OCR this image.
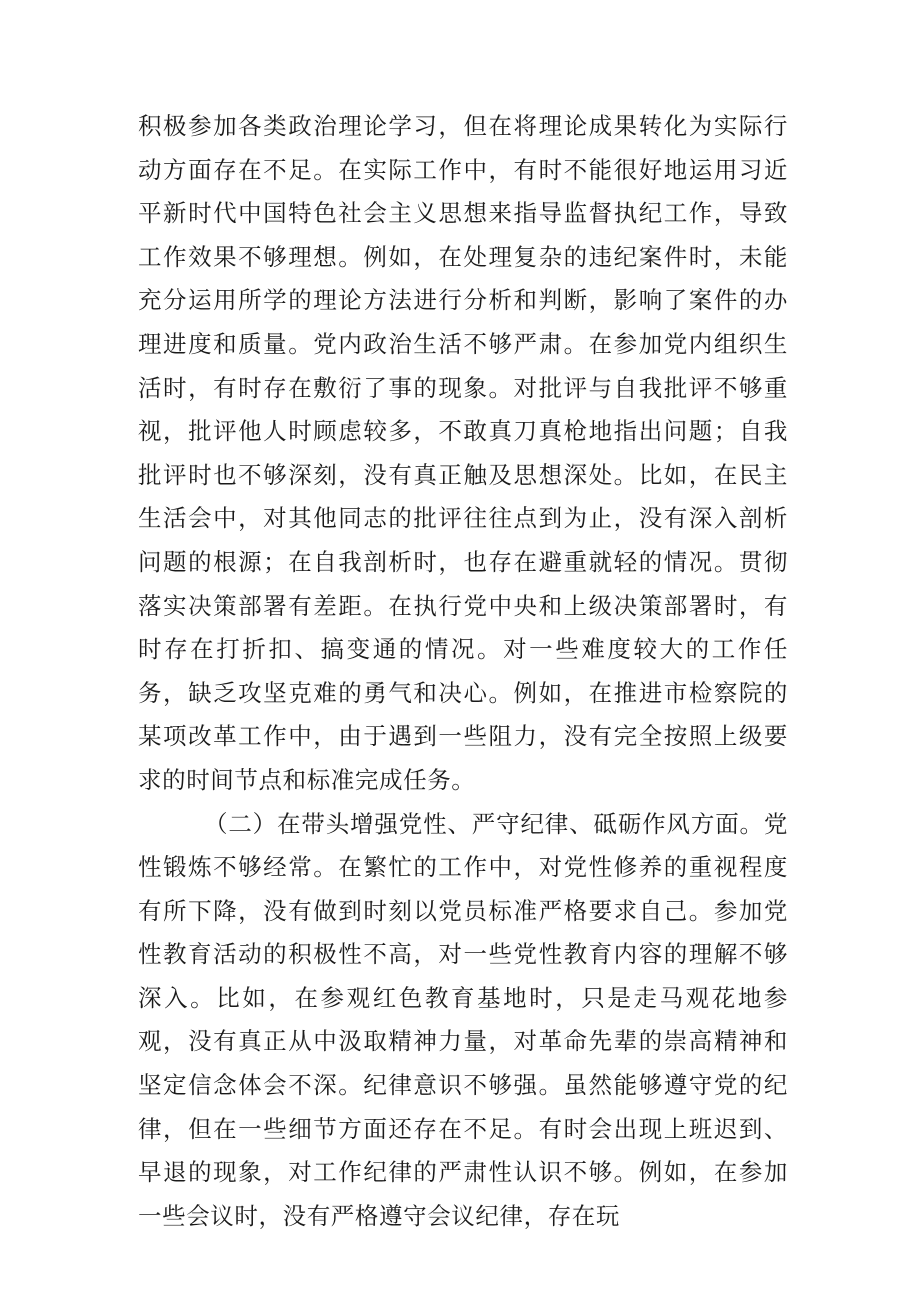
积极参加各类政治理论学习，但在将理论成果转化为实际行动方面存在不足。在实际工作中，有时不能很好地运用习近平新时代中国特色社会主义思想来指导监督执纪工作，导致工作效果不够理想。例如，在处理复杂的违纪案件时，未能充分运用所学的理论方法进行分析和判断，影响了案件的办理进度和质量。党内政治生活不够严肃。在参加党内组织生活时，有时存在敷衍了事的现象。对批评与自我批评不够重视，批评他人时顾虑较多，不敢真刀真枪地指出问题；自我批评时也不够深刻，没有真正触及思想深处。比如，在民主生活会中，对其他同志的批评往往点到为止，没有深入剖析问题的根源；在自我剖析时，也存在避重就轻的情况。贯彻落实决策部署有差距。在执行党中央和上级决策部署时，有时存在打折扣、搞变通的情况。对一些难度较大的工作任务，缺乏攻坚克难的勇气和决心。例如，在推进市检察院的某项改革工作中，由于遇到一些阻力，没有完全按照上级要求的时间节点和标准完成任务。

（二）在带头增强党性、严守纪律、砥砺作风方面。党性锻炼不够经常。在繁忙的工作中，对党性修养的重视程度有所下降，没有做到时刻以党员标准严格要求自己。参加党性教育活动的积极性不高，对一些党性教育内容的理解不够深入。比如，在参观红色教育基地时，只是走马观花地参观，没有真正从中汲取精神力量，对革命先辈的崇高精神和坚定信念体会不深。纪律意识不够强。虽然能够遵守党的纪律，但在一些细节方面还存在不足。有时会出现上班迟到、早退的现象，对工作纪律的严肃性认识不够。例如，在参加一些会议时，没有严格遵守会议纪律，存在玩
